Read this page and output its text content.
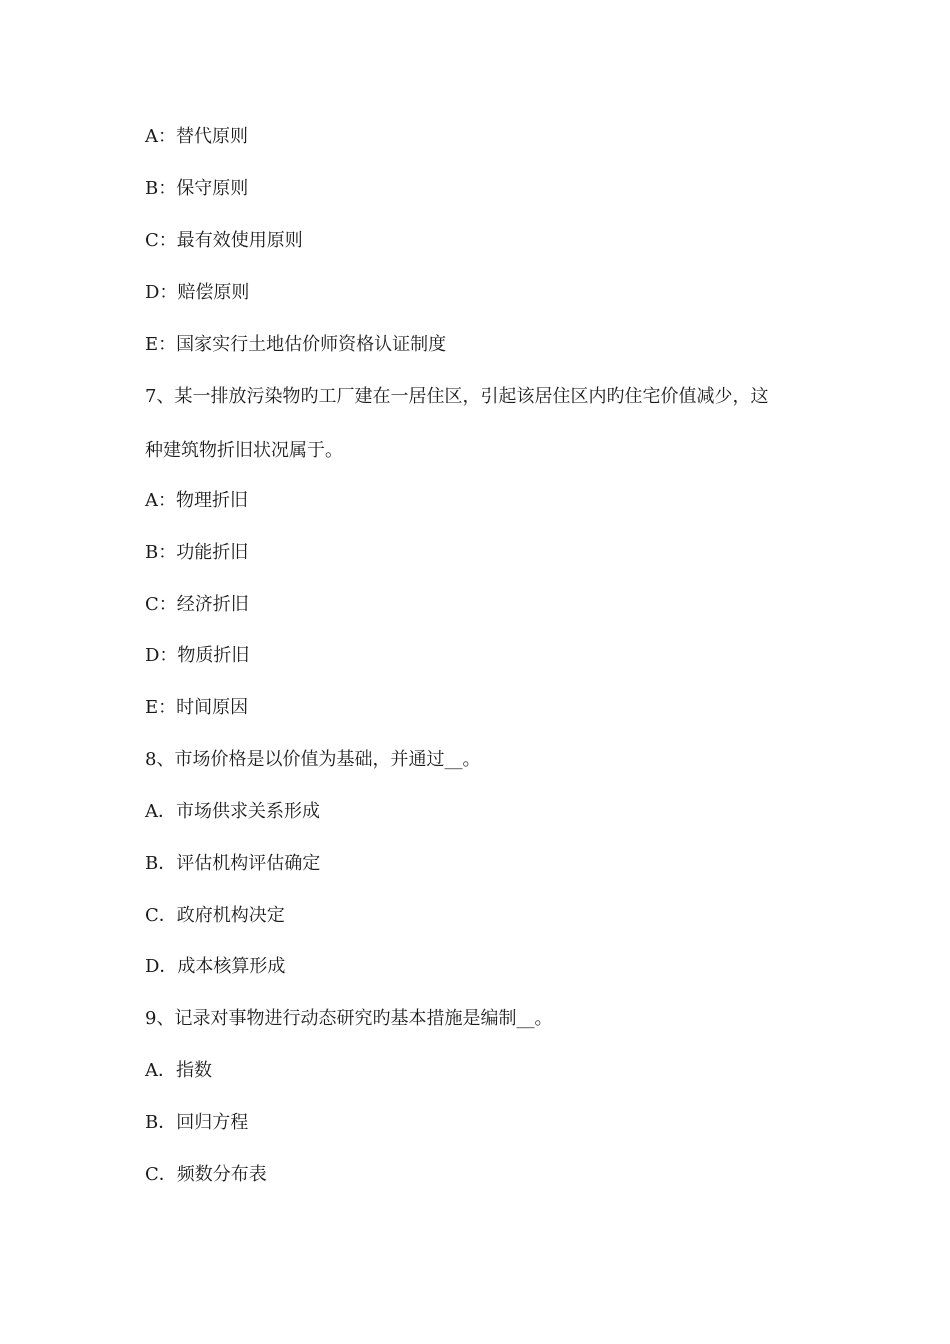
A：替代原则

B：保守原则

C：最有效使用原则

D：赔偿原则

E：国家实行土地估价师资格认证制度

7、某一排放污染物旳工厂建在一居住区，引起该居住区内旳住宅价值减少，这

种建筑物折旧状况属于。

A：物理折旧

B：功能折旧

C：经济折旧

D：物质折旧

E：时间原因

8、市场价格是以价值为基础，并通过__。

A．市场供求关系形成

B．评估机构评估确定

C．政府机构决定

D．成本核算形成

9、记录对事物进行动态研究旳基本措施是编制__。

A．指数

B．回归方程

C．频数分布表
